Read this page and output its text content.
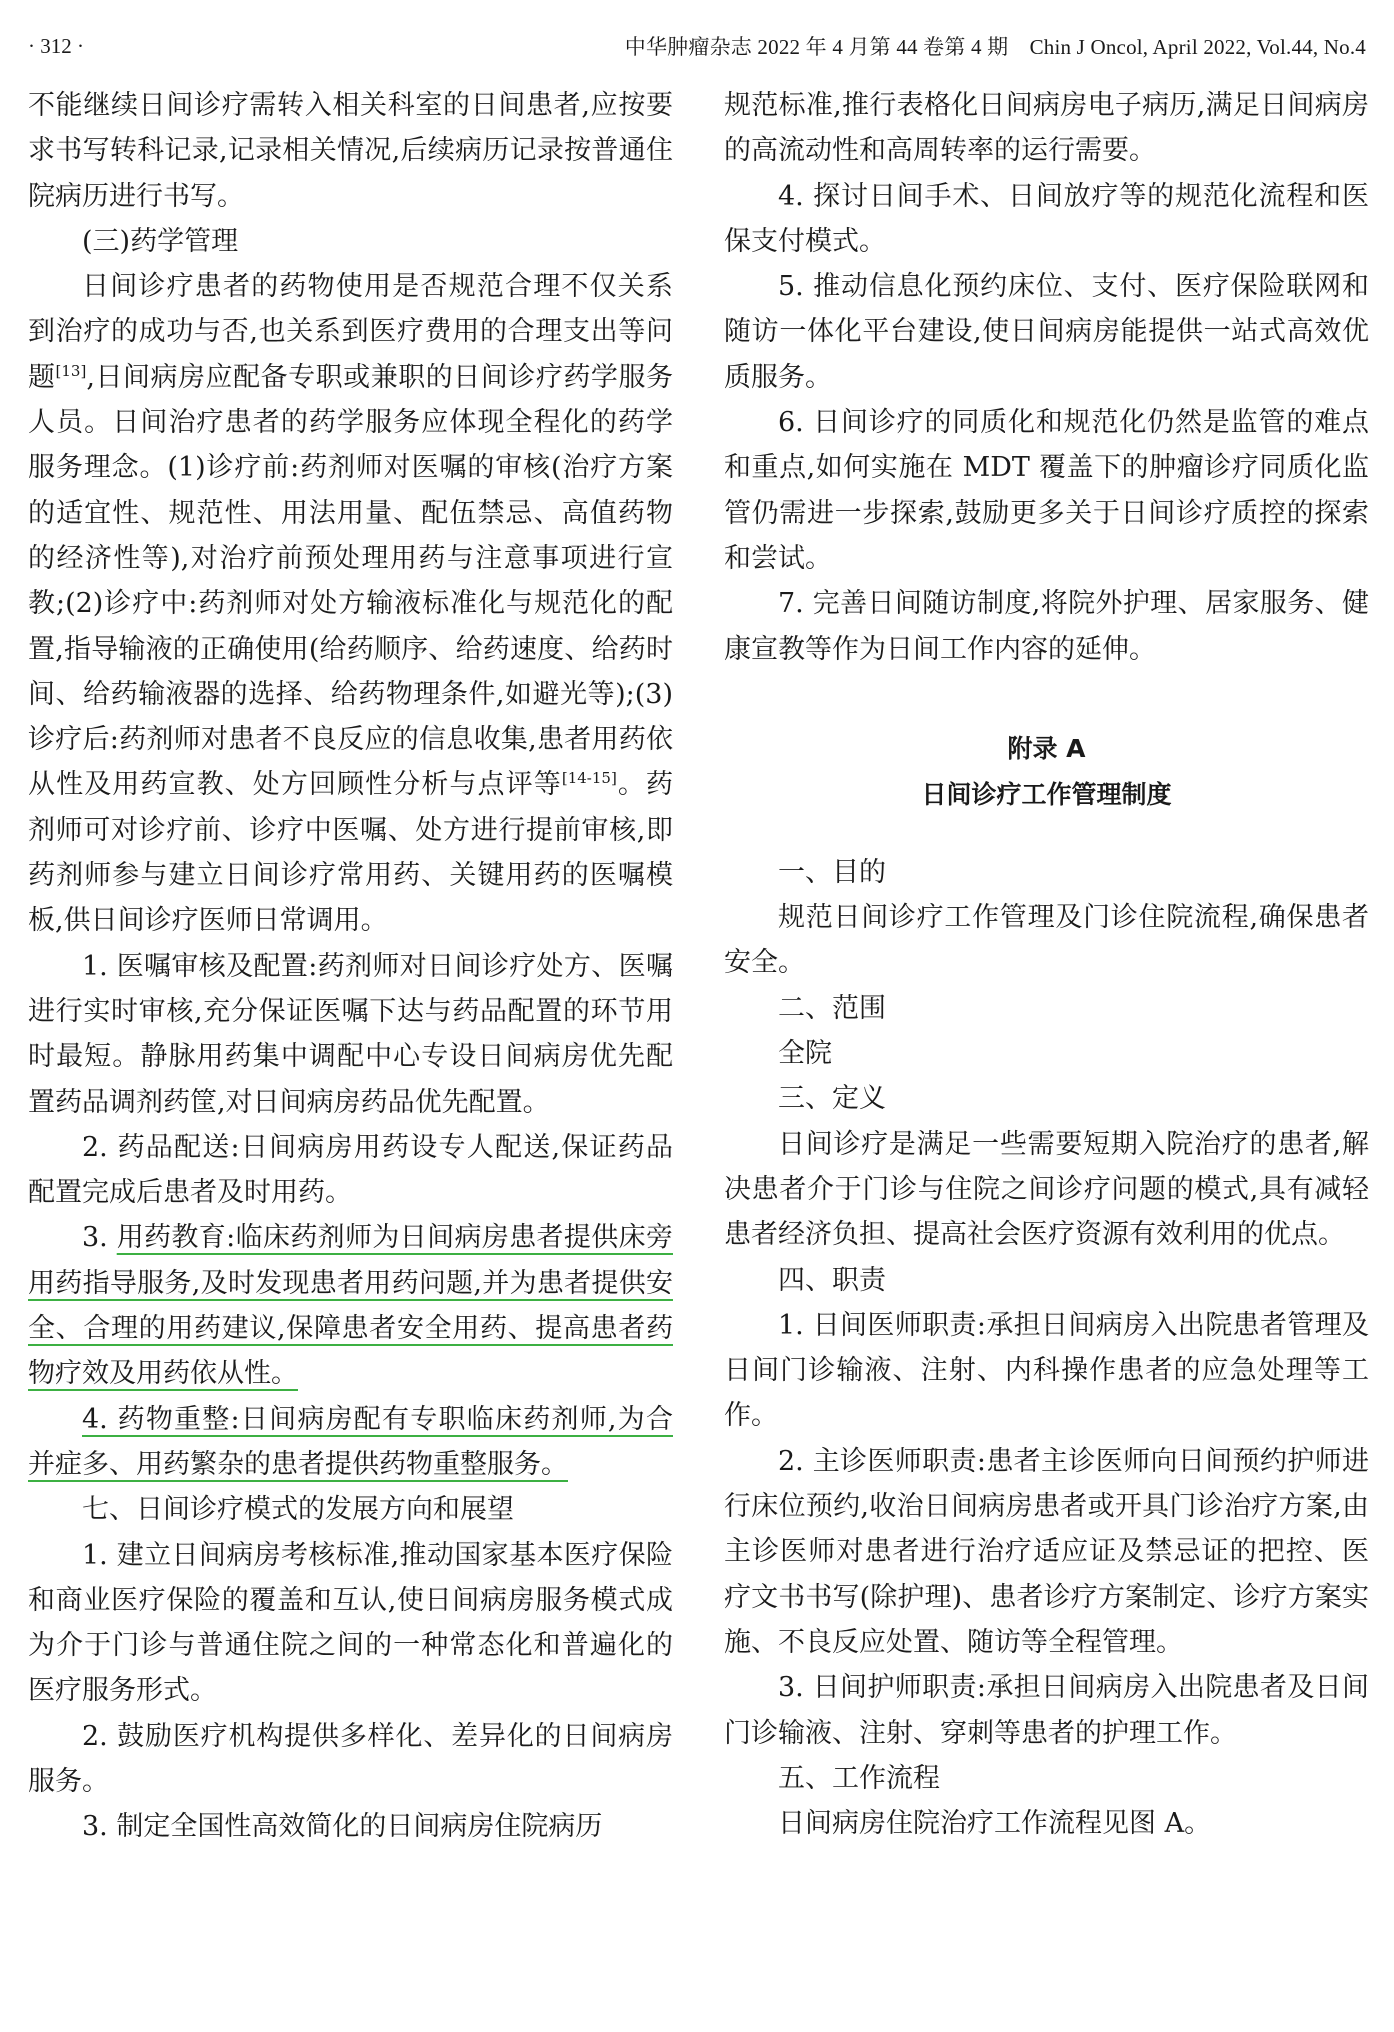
· 312 ·	中华肿瘤杂志 2022 年 4 月第 44 卷第 4 期　Chin J Oncol, April 2022, Vol.44, No.4

不能继续日间诊疗需转入相关科室的日间患者,应按要求书写转科记录,记录相关情况,后续病历记录按普通住院病历进行书写。

(三)药学管理

日间诊疗患者的药物使用是否规范合理不仅关系到治疗的成功与否,也关系到医疗费用的合理支出等问题[13],日间病房应配备专职或兼职的日间诊疗药学服务人员。日间治疗患者的药学服务应体现全程化的药学服务理念。(1)诊疗前:药剂师对医嘱的审核(治疗方案的适宜性、规范性、用法用量、配伍禁忌、高值药物的经济性等),对治疗前预处理用药与注意事项进行宣教;(2)诊疗中:药剂师对处方输液标准化与规范化的配置,指导输液的正确使用(给药顺序、给药速度、给药时间、给药输液器的选择、给药物理条件,如避光等);(3)诊疗后:药剂师对患者不良反应的信息收集,患者用药依从性及用药宣教、处方回顾性分析与点评等[14-15]。药剂师可对诊疗前、诊疗中医嘱、处方进行提前审核,即药剂师参与建立日间诊疗常用药、关键用药的医嘱模板,供日间诊疗医师日常调用。

1. 医嘱审核及配置:药剂师对日间诊疗处方、医嘱进行实时审核,充分保证医嘱下达与药品配置的环节用时最短。静脉用药集中调配中心专设日间病房优先配置药品调剂药筐,对日间病房药品优先配置。

2. 药品配送:日间病房用药设专人配送,保证药品配置完成后患者及时用药。

3. 用药教育:临床药剂师为日间病房患者提供床旁用药指导服务,及时发现患者用药问题,并为患者提供安全、合理的用药建议,保障患者安全用药、提高患者药物疗效及用药依从性。

4. 药物重整:日间病房配有专职临床药剂师,为合并症多、用药繁杂的患者提供药物重整服务。

七、日间诊疗模式的发展方向和展望

1. 建立日间病房考核标准,推动国家基本医疗保险和商业医疗保险的覆盖和互认,使日间病房服务模式成为介于门诊与普通住院之间的一种常态化和普遍化的医疗服务形式。

2. 鼓励医疗机构提供多样化、差异化的日间病房服务。

3. 制定全国性高效简化的日间病房住院病历

规范标准,推行表格化日间病房电子病历,满足日间病房的高流动性和高周转率的运行需要。

4. 探讨日间手术、日间放疗等的规范化流程和医保支付模式。

5. 推动信息化预约床位、支付、医疗保险联网和随访一体化平台建设,使日间病房能提供一站式高效优质服务。

6. 日间诊疗的同质化和规范化仍然是监管的难点和重点,如何实施在 MDT 覆盖下的肿瘤诊疗同质化监管仍需进一步探索,鼓励更多关于日间诊疗质控的探索和尝试。

7. 完善日间随访制度,将院外护理、居家服务、健康宣教等作为日间工作内容的延伸。

附录 A

日间诊疗工作管理制度

一、目的

规范日间诊疗工作管理及门诊住院流程,确保患者安全。

二、范围

全院

三、定义

日间诊疗是满足一些需要短期入院治疗的患者,解决患者介于门诊与住院之间诊疗问题的模式,具有减轻患者经济负担、提高社会医疗资源有效利用的优点。

四、职责

1. 日间医师职责:承担日间病房入出院患者管理及日间门诊输液、注射、内科操作患者的应急处理等工作。

2. 主诊医师职责:患者主诊医师向日间预约护师进行床位预约,收治日间病房患者或开具门诊治疗方案,由主诊医师对患者进行治疗适应证及禁忌证的把控、医疗文书书写(除护理)、患者诊疗方案制定、诊疗方案实施、不良反应处置、随访等全程管理。

3. 日间护师职责:承担日间病房入出院患者及日间门诊输液、注射、穿刺等患者的护理工作。

五、工作流程

日间病房住院治疗工作流程见图 A。
